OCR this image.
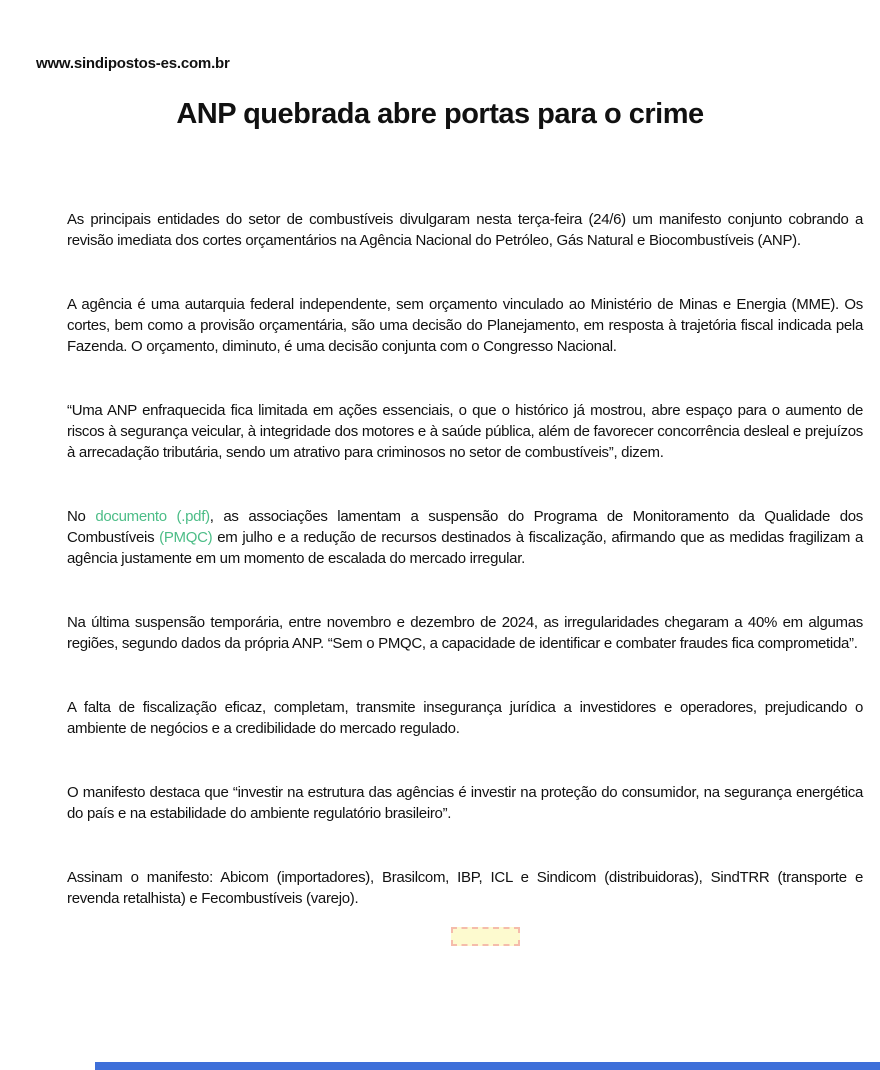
www.sindipostos-es.com.br
ANP quebrada abre portas para o crime

As principais entidades do setor de combustíveis divulgaram nesta terça-feira (24/6) um manifesto conjunto cobrando a revisão imediata dos cortes orçamentários na Agência Nacional do Petróleo, Gás Natural e Biocombustíveis (ANP).

A agência é uma autarquia federal independente, sem orçamento vinculado ao Ministério de Minas e Energia (MME). Os cortes, bem como a provisão orçamentária, são uma decisão do Planejamento, em resposta à trajetória fiscal indicada pela Fazenda. O orçamento, diminuto, é uma decisão conjunta com o Congresso Nacional.

“Uma ANP enfraquecida fica limitada em ações essenciais, o que o histórico já mostrou, abre espaço para o aumento de riscos à segurança veicular, à integridade dos motores e à saúde pública, além de favorecer concorrência desleal e prejuízos à arrecadação tributária, sendo um atrativo para criminosos no setor de combustíveis”, dizem.

No documento (.pdf), as associações lamentam a suspensão do Programa de Monitoramento da Qualidade dos Combustíveis (PMQC) em julho e a redução de recursos destinados à fiscalização, afirmando que as medidas fragilizam a agência justamente em um momento de escalada do mercado irregular.

Na última suspensão temporária, entre novembro e dezembro de 2024, as irregularidades chegaram a 40% em algumas regiões, segundo dados da própria ANP. “Sem o PMQC, a capacidade de identificar e combater fraudes fica comprometida”.

A falta de fiscalização eficaz, completam, transmite insegurança jurídica a investidores e operadores, prejudicando o ambiente de negócios e a credibilidade do mercado regulado.

O manifesto destaca que “investir na estrutura das agências é investir na proteção do consumidor, na segurança energética do país e na estabilidade do ambiente regulatório brasileiro”.

Assinam o manifesto: Abicom (importadores), Brasilcom, IBP, ICL e Sindicom (distribuidoras), SindTRR (transporte e revenda retalhista) e Fecombustíveis (varejo).
